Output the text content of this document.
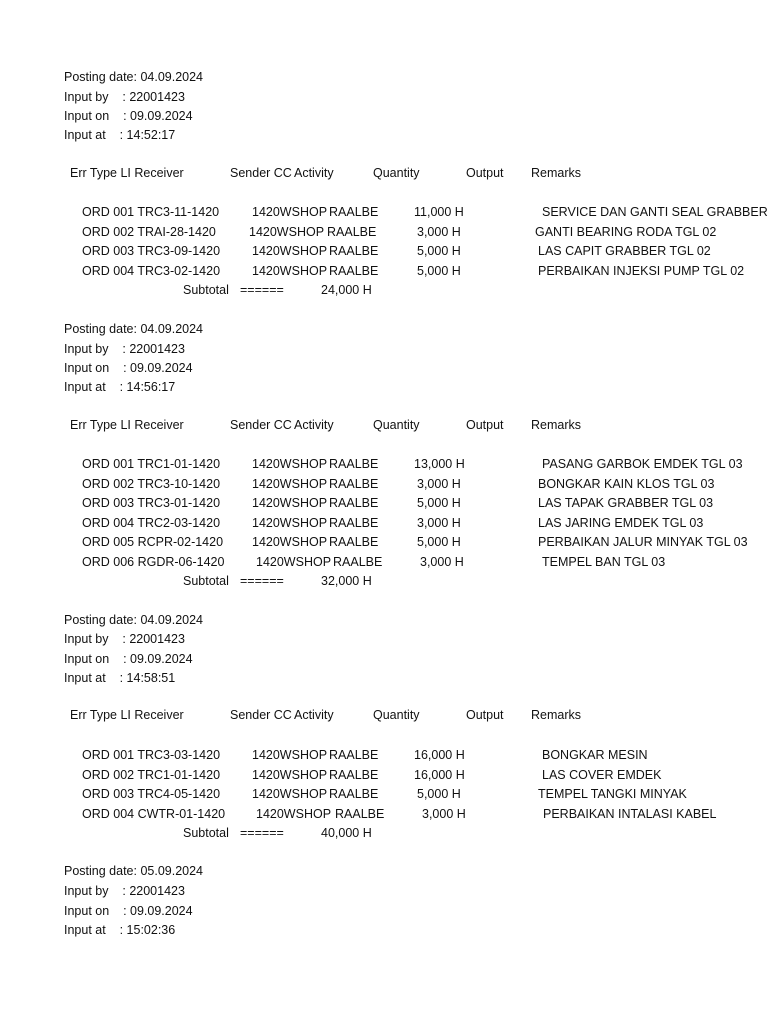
Posting date: 04.09.2024
Input by    : 22001423
Input on    : 09.09.2024
Input at    : 14:52:17
Err Type LI Receiver	Sender CC Activity	Quantity	Output Remarks
ORD 001 TRC3-11-1420	1420WSHOP RAALBE	11,000 H	SERVICE DAN GANTI SEAL GRABBER
ORD 002 TRAI-28-1420	1420WSHOP RAALBE	3,000 H	GANTI BEARING RODA TGL 02
ORD 003 TRC3-09-1420	1420WSHOP RAALBE	5,000 H	LAS CAPIT GRABBER TGL 02
ORD 004 TRC3-02-1420	1420WSHOP RAALBE	5,000 H	PERBAIKAN INJEKSI PUMP TGL 02
Subtotal ======	24,000 H
Posting date: 04.09.2024
Input by    : 22001423
Input on    : 09.09.2024
Input at    : 14:56:17
Err Type LI Receiver	Sender CC Activity	Quantity	Output Remarks
ORD 001 TRC1-01-1420	1420WSHOP RAALBE	13,000 H	PASANG GARBOK EMDEK TGL 03
ORD 002 TRC3-10-1420	1420WSHOP RAALBE	3,000 H	BONGKAR KAIN KLOS TGL 03
ORD 003 TRC3-01-1420	1420WSHOP RAALBE	5,000 H	LAS TAPAK GRABBER TGL 03
ORD 004 TRC2-03-1420	1420WSHOP RAALBE	3,000 H	LAS JARING EMDEK TGL 03
ORD 005 RCPR-02-1420 1420WSHOP RAALBE	5,000 H	PERBAIKAN JALUR MINYAK TGL 03
ORD 006 RGDR-06-1420	1420WSHOP RAALBE	3,000 H	TEMPEL BAN TGL 03
Subtotal ======	32,000 H
Posting date: 04.09.2024
Input by    : 22001423
Input on    : 09.09.2024
Input at    : 14:58:51
Err Type LI Receiver	Sender CC Activity	Quantity	Output Remarks
ORD 001 TRC3-03-1420	1420WSHOP RAALBE	16,000 H	BONGKAR MESIN
ORD 002 TRC1-01-1420	1420WSHOP RAALBE	16,000 H	LAS COVER EMDEK
ORD 003 TRC4-05-1420	1420WSHOP RAALBE	5,000 H	TEMPEL TANGKI MINYAK
ORD 004 CWTR-01-1420 1420WSHOP RAALBE	3,000 H	PERBAIKAN INTALASI KABEL
Subtotal ======	40,000 H
Posting date: 05.09.2024
Input by    : 22001423
Input on    : 09.09.2024
Input at    : 15:02:36
